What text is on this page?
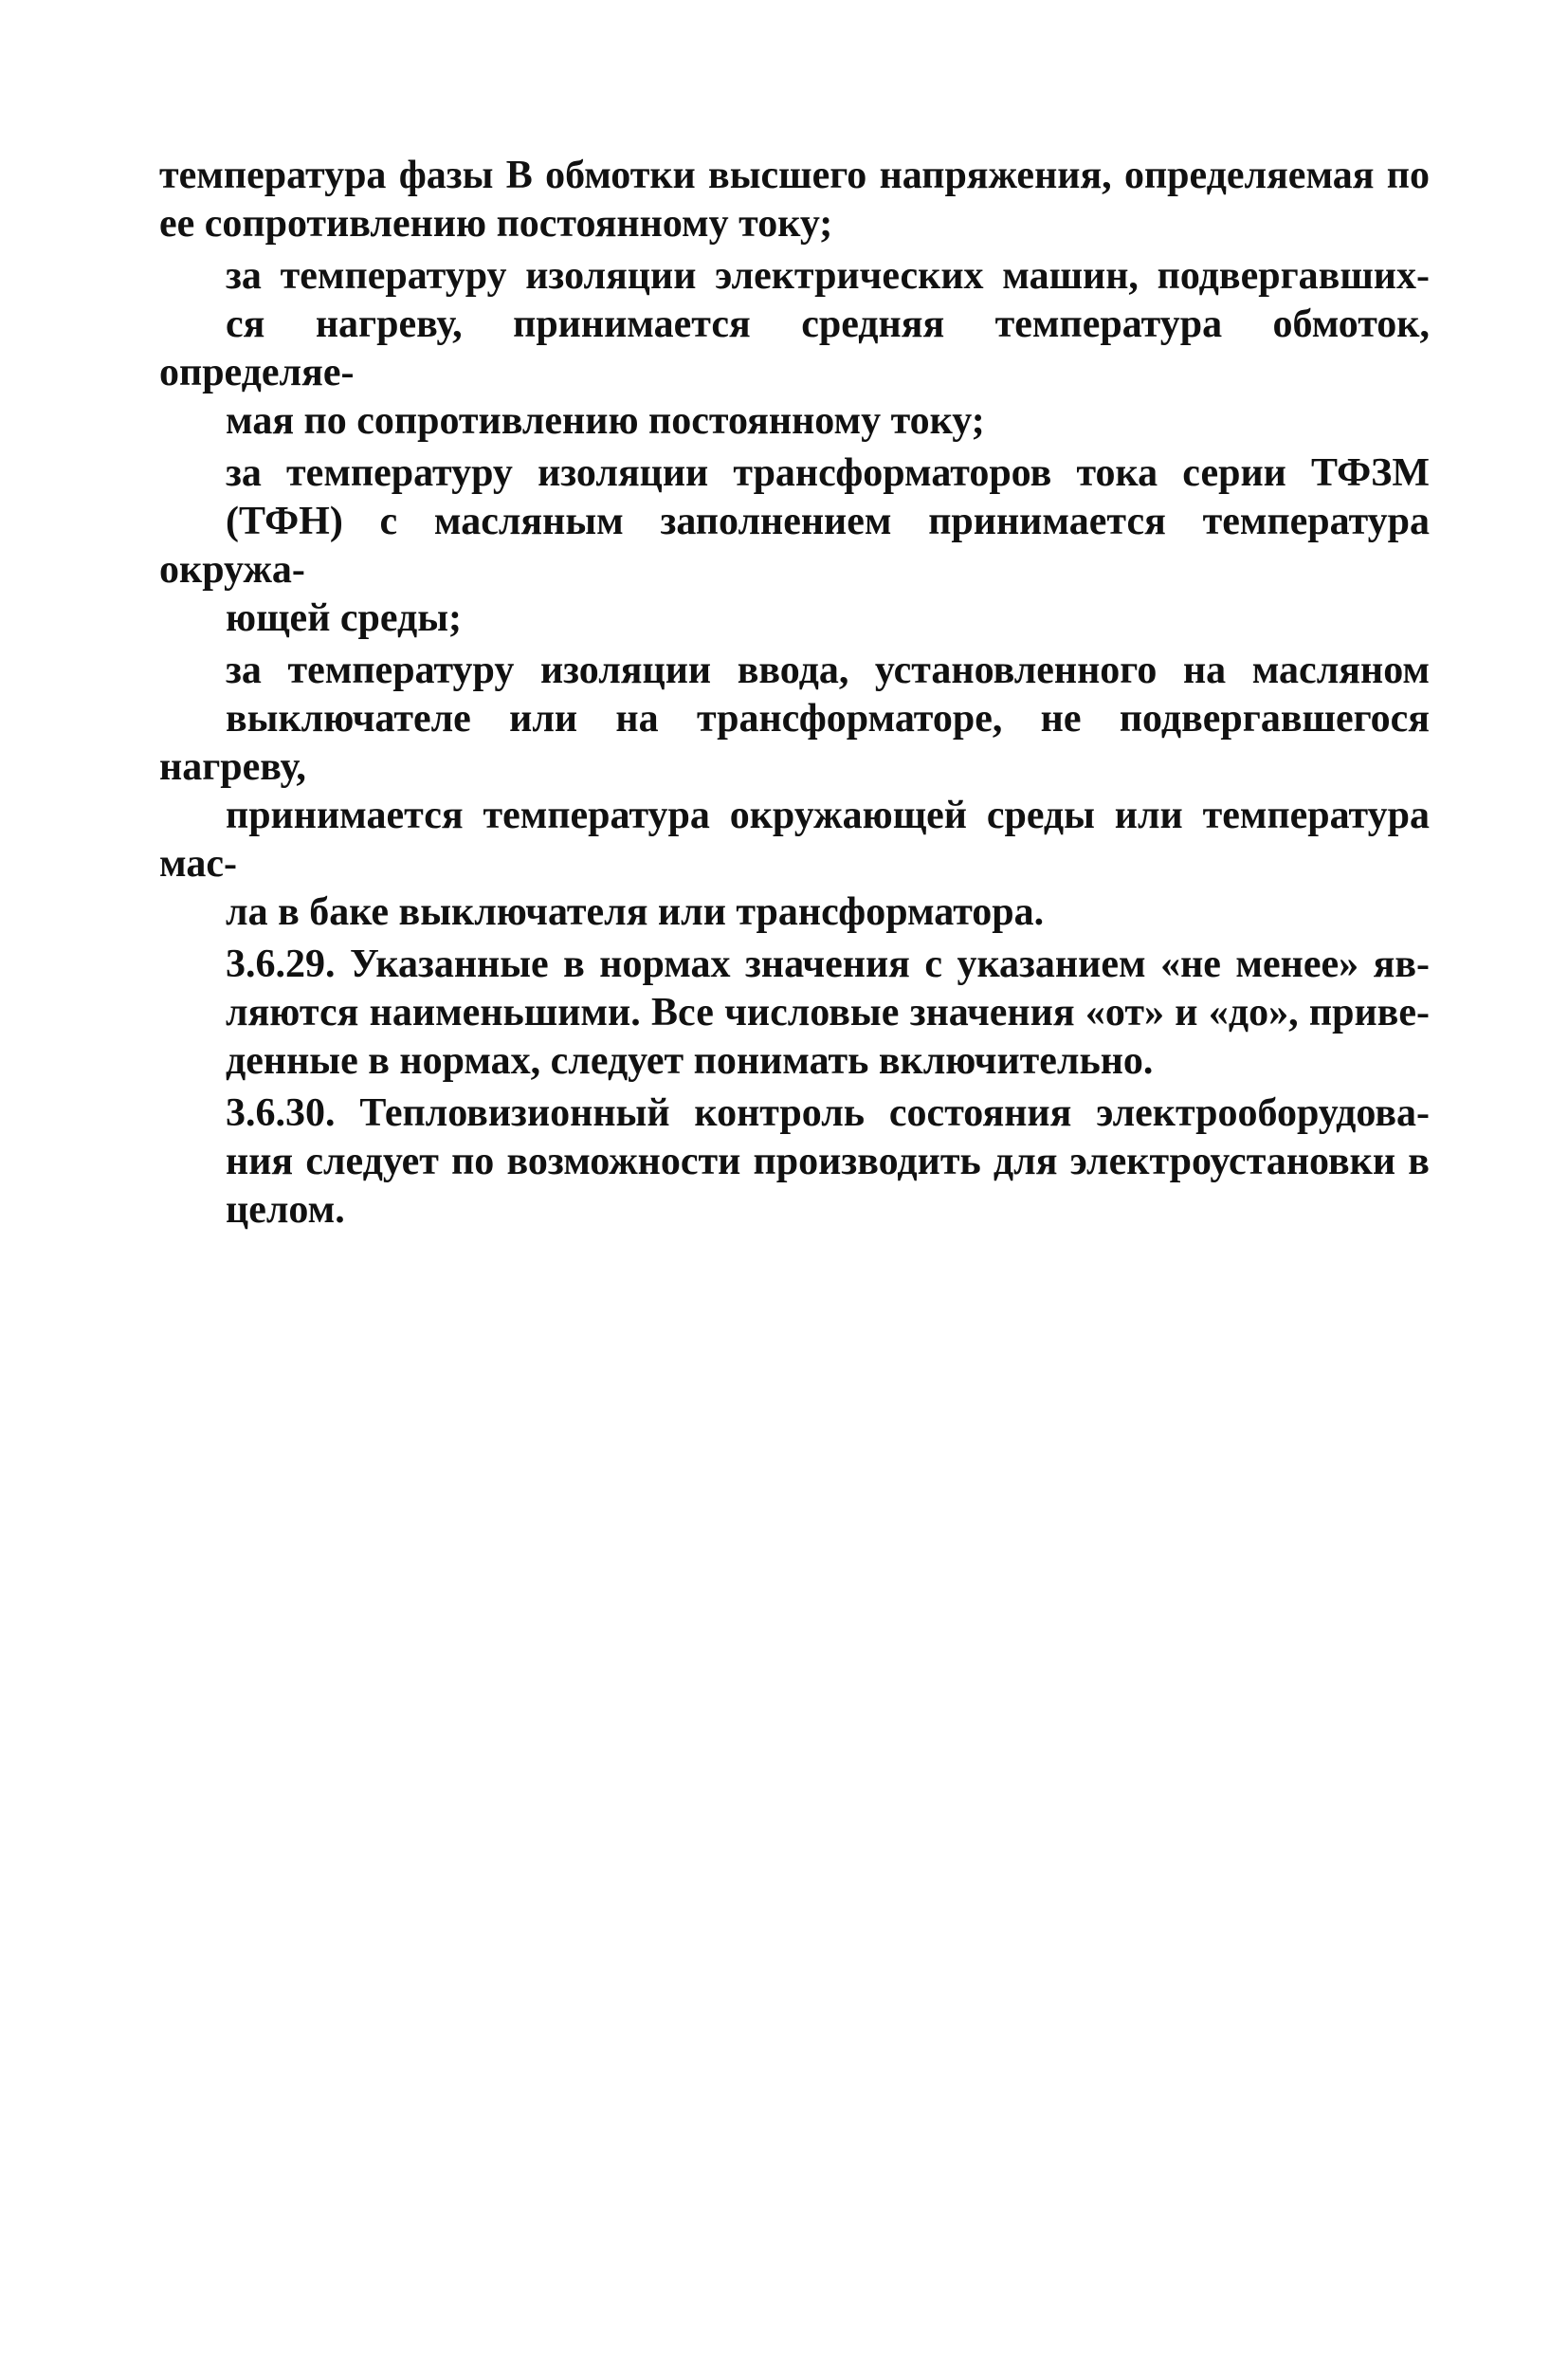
температура фазы B обмотки высшего напряжения, определяемая по
ее сопротивлению постоянному току;

за температуру изоляции электрических машин, подвергавших-
ся нагреву, принимается средняя температура обмоток, определяе-
мая по сопротивлению постоянному току;

за температуру изоляции трансформаторов тока серии ТФЗМ
(ТФН) с масляным заполнением принимается температура окружа-
ющей среды;

за температуру изоляции ввода, установленного на масляном
выключателе или на трансформаторе, не подвергавшегося нагреву,
принимается температура окружающей среды или температура мас-
ла в баке выключателя или трансформатора.

3.6.29. Указанные в нормах значения с указанием «не менее» яв-
ляются наименьшими. Все числовые значения «от» и «до», приве-
денные в нормах, следует понимать включительно.

3.6.30. Тепловизионный контроль состояния электрооборудова-
ния следует по возможности производить для электроустановки в
целом.
